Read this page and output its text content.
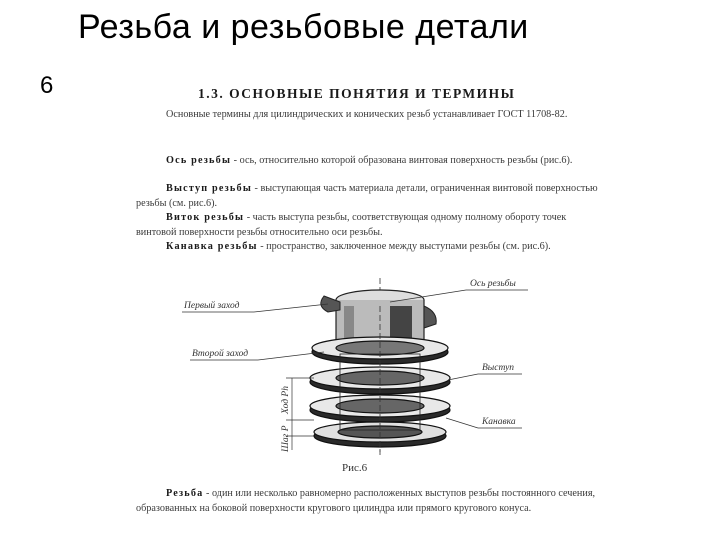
Резьба и резьбовые детали
6	1.3. ОСНОВНЫЕ ПОНЯТИЯ И ТЕРМИНЫ
Основные термины для цилиндрических и конических резьб устанавливает ГОСТ 11708-82.
Ось резьбы - ось, относительно которой образована винтовая поверхность резьбы (рис.6).
Выступ резьбы - выступающая часть материала детали, ограниченная винтовой поверхностью резьбы (см. рис.6).
Виток резьбы - часть выступа резьбы, соответствующая одному полному обороту точек винтовой поверхности резьбы относительно оси резьбы.
Канавка резьбы - пространство, заключенное между выступами резьбы (см. рис.6).
Первый заход
Второй заход
Ось резьбы
Выступ
Канавка
Ход Ph
Шаг P
Рис.6
Резьба - один или несколько равномерно расположенных выступов резьбы постоянного сечения, образованных на боковой поверхности кругового цилиндра или прямого кругового конуса.
